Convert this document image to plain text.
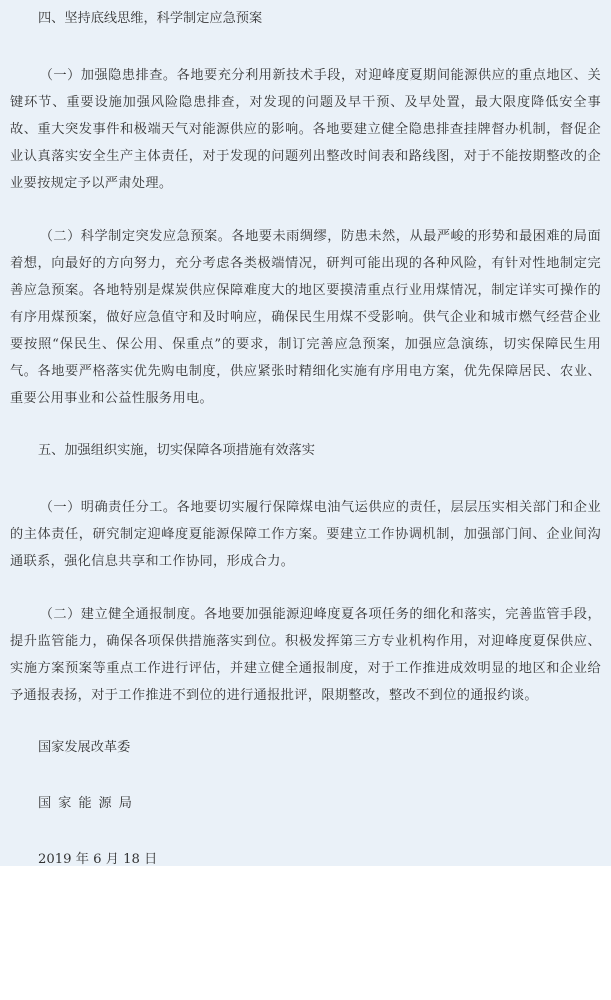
四、坚持底线思维，科学制定应急预案

（一）加强隐患排查。各地要充分利用新技术手段，对迎峰度夏期间能源供应的重点地区、关键环节、重要设施加强风险隐患排查，对发现的问题及早干预、及早处置，最大限度降低安全事故、重大突发事件和极端天气对能源供应的影响。各地要建立健全隐患排查挂牌督办机制，督促企业认真落实安全生产主体责任，对于发现的问题列出整改时间表和路线图，对于不能按期整改的企业要按规定予以严肃处理。

（二）科学制定突发应急预案。各地要未雨绸缪，防患未然，从最严峻的形势和最困难的局面着想，向最好的方向努力，充分考虑各类极端情况，研判可能出现的各种风险，有针对性地制定完善应急预案。各地特别是煤炭供应保障难度大的地区要摸清重点行业用煤情况，制定详实可操作的有序用煤预案，做好应急值守和及时响应，确保民生用煤不受影响。供气企业和城市燃气经营企业要按照“保民生、保公用、保重点”的要求，制订完善应急预案，加强应急演练，切实保障民生用气。各地要严格落实优先购电制度，供应紧张时精细化实施有序用电方案，优先保障居民、农业、重要公用事业和公益性服务用电。

五、加强组织实施，切实保障各项措施有效落实

（一）明确责任分工。各地要切实履行保障煤电油气运供应的责任，层层压实相关部门和企业的主体责任，研究制定迎峰度夏能源保障工作方案。要建立工作协调机制，加强部门间、企业间沟通联系，强化信息共享和工作协同，形成合力。

（二）建立健全通报制度。各地要加强能源迎峰度夏各项任务的细化和落实，完善监管手段，提升监管能力，确保各项保供措施落实到位。积极发挥第三方专业机构作用，对迎峰度夏保供应、实施方案预案等重点工作进行评估，并建立健全通报制度，对于工作推进成效明显的地区和企业给予通报表扬，对于工作推进不到位的进行通报批评，限期整改，整改不到位的通报约谈。

国家发展改革委
国家能源局
2019 年 6 月 18 日
